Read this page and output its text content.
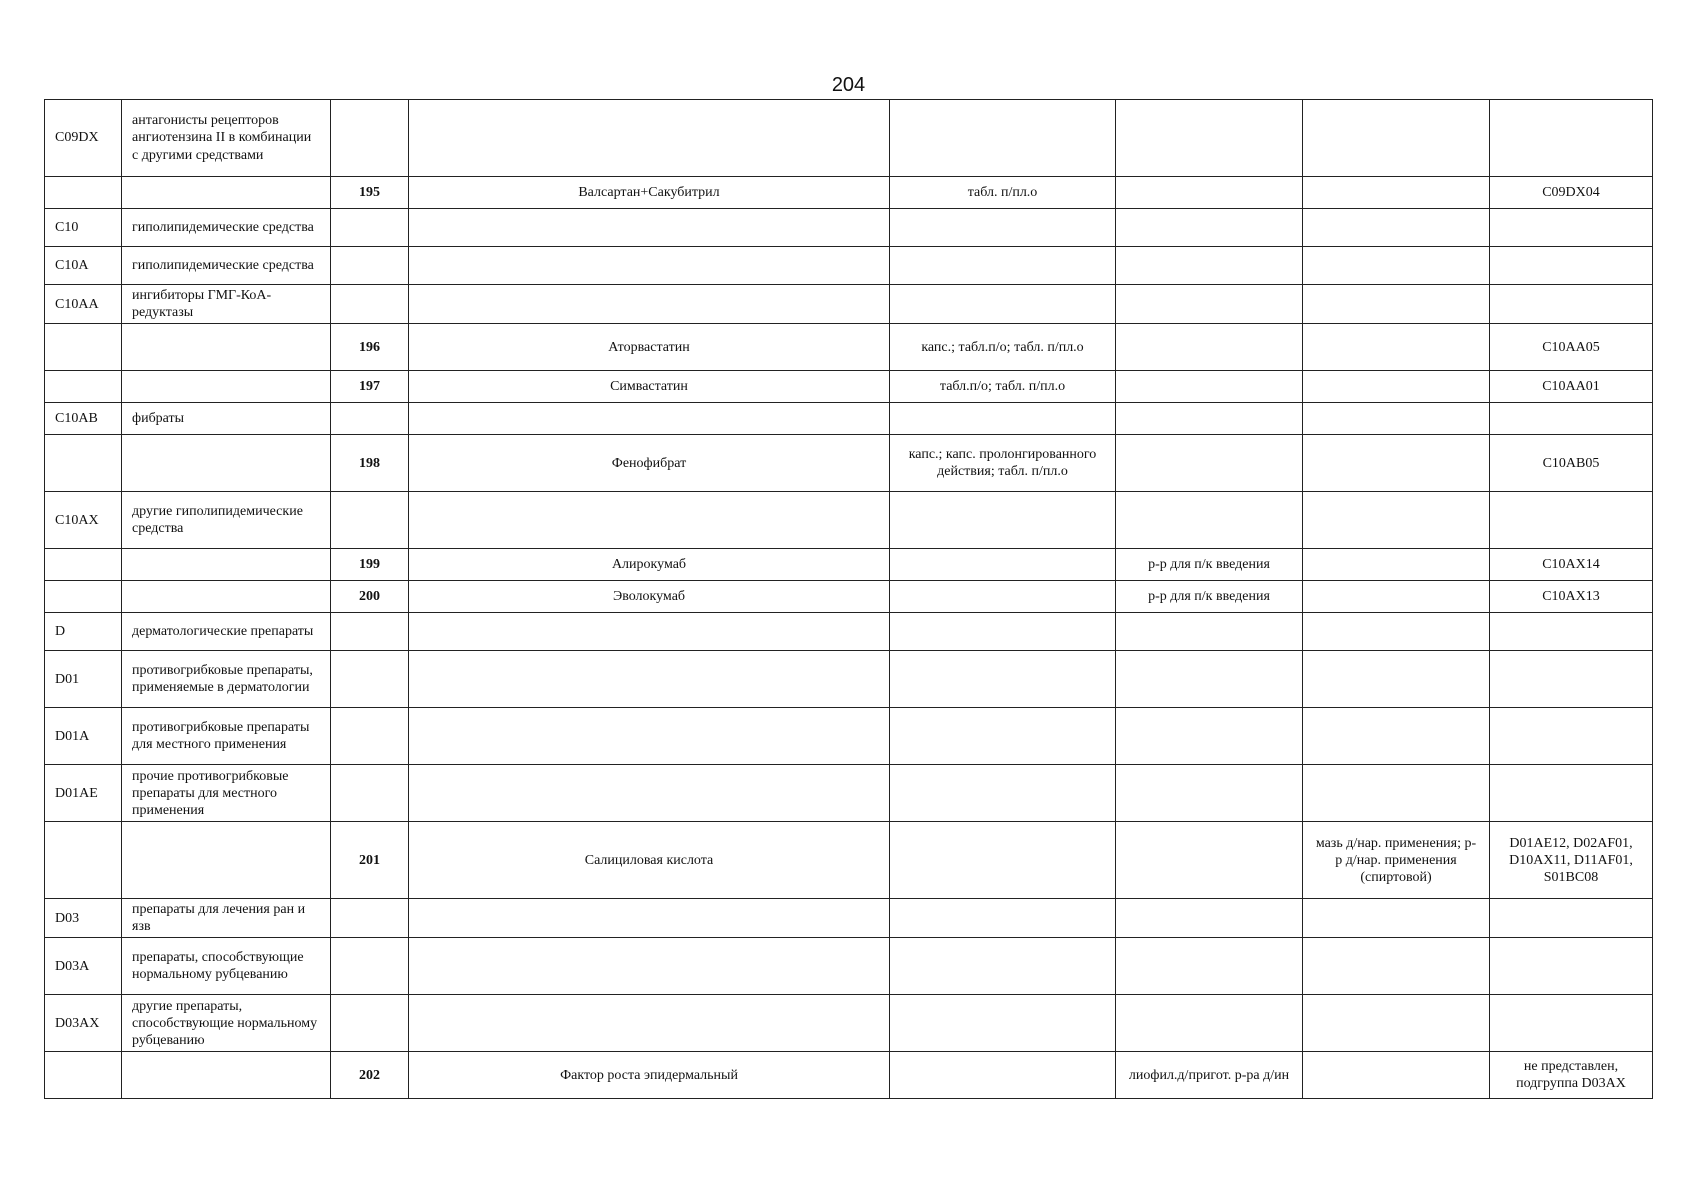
204
C09DX	антагонисты рецепторов ангиотензина II в комбинации с другими средствами						
		195	Валсартан+Сакубитрил	табл. п/пл.о			C09DX04
C10	гиполипидемические средства						
C10A	гиполипидемические средства						
C10AA	ингибиторы ГМГ-КоА-редуктазы						
		196	Аторвастатин	капс.; табл.п/о; табл. п/пл.о			C10AA05
		197	Симвастатин	табл.п/о; табл. п/пл.о			C10AA01
C10AB	фибраты						
		198	Фенофибрат	капс.; капс. пролонгированного действия; табл. п/пл.о			C10AB05
C10AX	другие гиполипидемические средства						
		199	Алирокумаб		р-р для п/к введения		C10AX14
		200	Эволокумаб		р-р для п/к введения		C10AX13
D	дерматологические препараты						
D01	противогрибковые препараты, применяемые в дерматологии						
D01A	противогрибковые препараты для местного применения						
D01AE	прочие противогрибковые препараты для местного применения						
		201	Салициловая кислота			мазь д/нар. применения; р-р д/нар. применения (спиртовой)	D01AE12, D02AF01, D10AX11, D11AF01, S01BC08
D03	препараты для лечения ран и язв						
D03A	препараты, способствующие нормальному рубцеванию						
D03AX	другие препараты, способствующие нормальному рубцеванию						
		202	Фактор роста эпидермальный		лиофил.д/пригот. р-ра д/ин		не представлен, подгруппа D03AX
